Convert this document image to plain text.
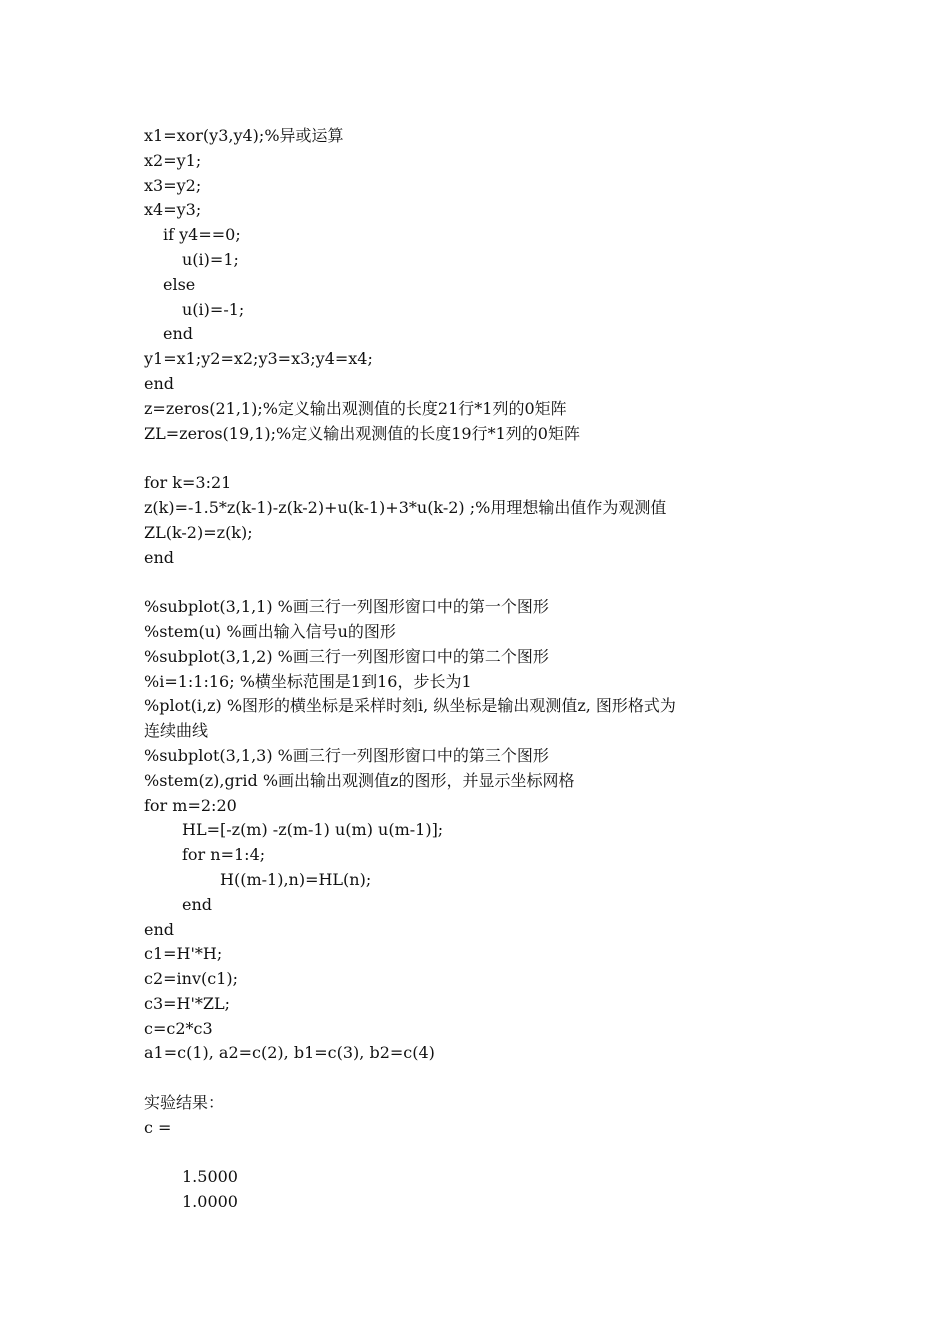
x1=xor(y3,y4);%异或运算
x2=y1;
x3=y2;
x4=y3;
if y4==0;
u(i)=1;
else
u(i)=-1;
end
y1=x1;y2=x2;y3=x3;y4=x4;
end
z=zeros(21,1);%定义输出观测值的长度21行*1列的0矩阵
ZL=zeros(19,1);%定义输出观测值的长度19行*1列的0矩阵
for k=3:21
z(k)=-1.5*z(k-1)-z(k-2)+u(k-1)+3*u(k-2) ;%用理想输出值作为观测值
ZL(k-2)=z(k);
end
%subplot(3,1,1) %画三行一列图形窗口中的第一个图形
%stem(u) %画出输入信号u的图形
%subplot(3,1,2) %画三行一列图形窗口中的第二个图形
%i=1:1:16; %横坐标范围是1到16，步长为1
%plot(i,z) %图形的横坐标是采样时刻i, 纵坐标是输出观测值z, 图形格式为
连续曲线
%subplot(3,1,3) %画三行一列图形窗口中的第三个图形
%stem(z),grid %画出输出观测值z的图形，并显示坐标网格
for m=2:20
HL=[-z(m) -z(m-1) u(m) u(m-1)];
for n=1:4;
H((m-1),n)=HL(n);
end
end
c1=H'*H;
c2=inv(c1);
c3=H'*ZL;
c=c2*c3
a1=c(1), a2=c(2), b1=c(3), b2=c(4)
实验结果：
c =
1.5000
1.0000
